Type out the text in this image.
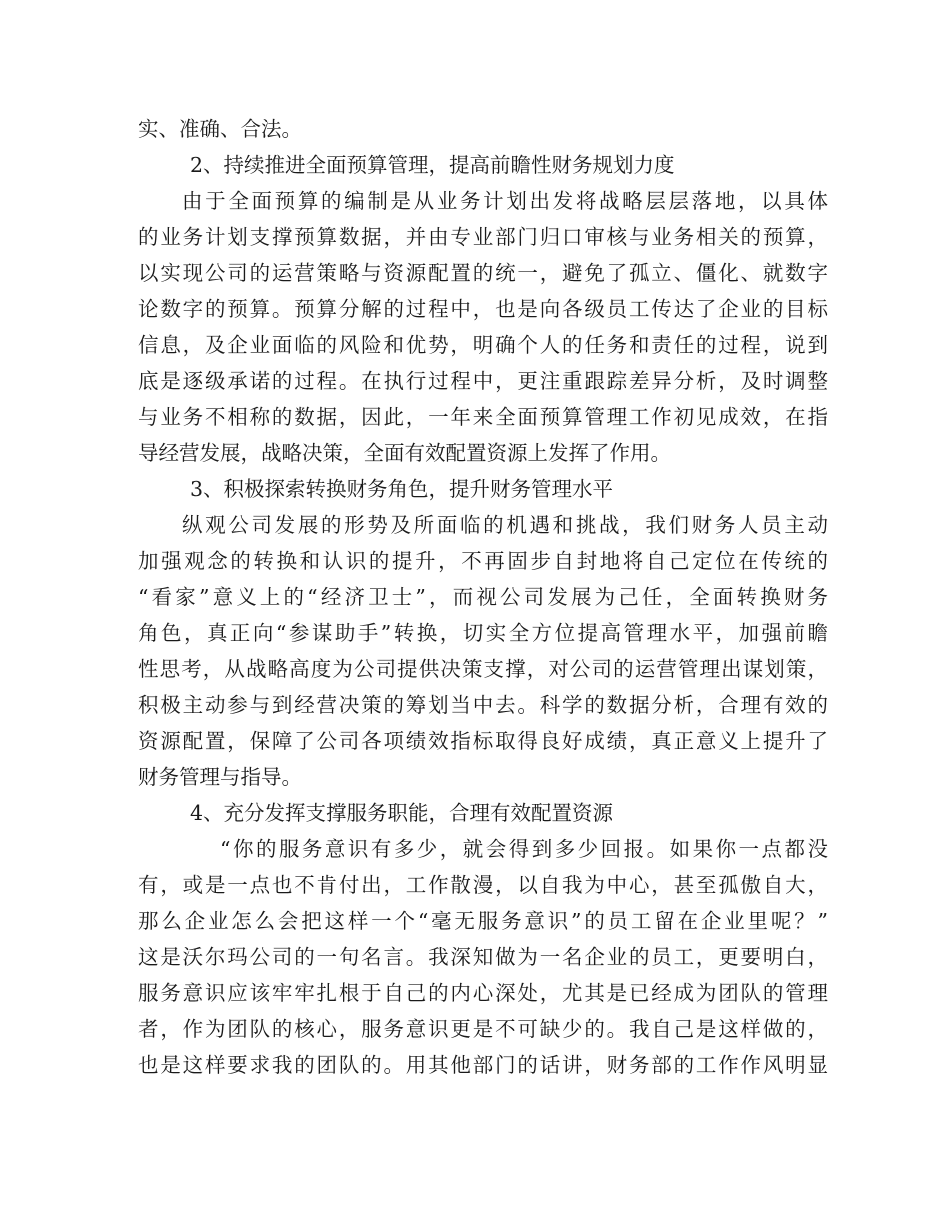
实、准确、合法。
2、持续推进全面预算管理，提高前瞻性财务规划力度
由于全面预算的编制是从业务计划出发将战略层层落地，以具体
的业务计划支撑预算数据，并由专业部门归口审核与业务相关的预算，
以实现公司的运营策略与资源配置的统一，避免了孤立、僵化、就数字
论数字的预算。预算分解的过程中，也是向各级员工传达了企业的目标
信息，及企业面临的风险和优势，明确个人的任务和责任的过程，说到
底是逐级承诺的过程。在执行过程中，更注重跟踪差异分析，及时调整
与业务不相称的数据，因此，一年来全面预算管理工作初见成效，在指
导经营发展，战略决策，全面有效配置资源上发挥了作用。
3、积极探索转换财务角色，提升财务管理水平
纵观公司发展的形势及所面临的机遇和挑战，我们财务人员主动
加强观念的转换和认识的提升，不再固步自封地将自己定位在传统的
“看家”意义上的“经济卫士”，而视公司发展为己任，全面转换财务
角色，真正向“参谋助手”转换，切实全方位提高管理水平，加强前瞻
性思考，从战略高度为公司提供决策支撑，对公司的运营管理出谋划策，
积极主动参与到经营决策的筹划当中去。科学的数据分析，合理有效的
资源配置，保障了公司各项绩效指标取得良好成绩，真正意义上提升了
财务管理与指导。
4、充分发挥支撑服务职能，合理有效配置资源
“你的服务意识有多少，就会得到多少回报。如果你一点都没
有，或是一点也不肯付出，工作散漫，以自我为中心，甚至孤傲自大，
那么企业怎么会把这样一个“毫无服务意识”的员工留在企业里呢？”
这是沃尔玛公司的一句名言。我深知做为一名企业的员工，更要明白，
服务意识应该牢牢扎根于自己的内心深处，尤其是已经成为团队的管理
者，作为团队的核心，服务意识更是不可缺少的。我自己是这样做的，
也是这样要求我的团队的。用其他部门的话讲，财务部的工作作风明显
